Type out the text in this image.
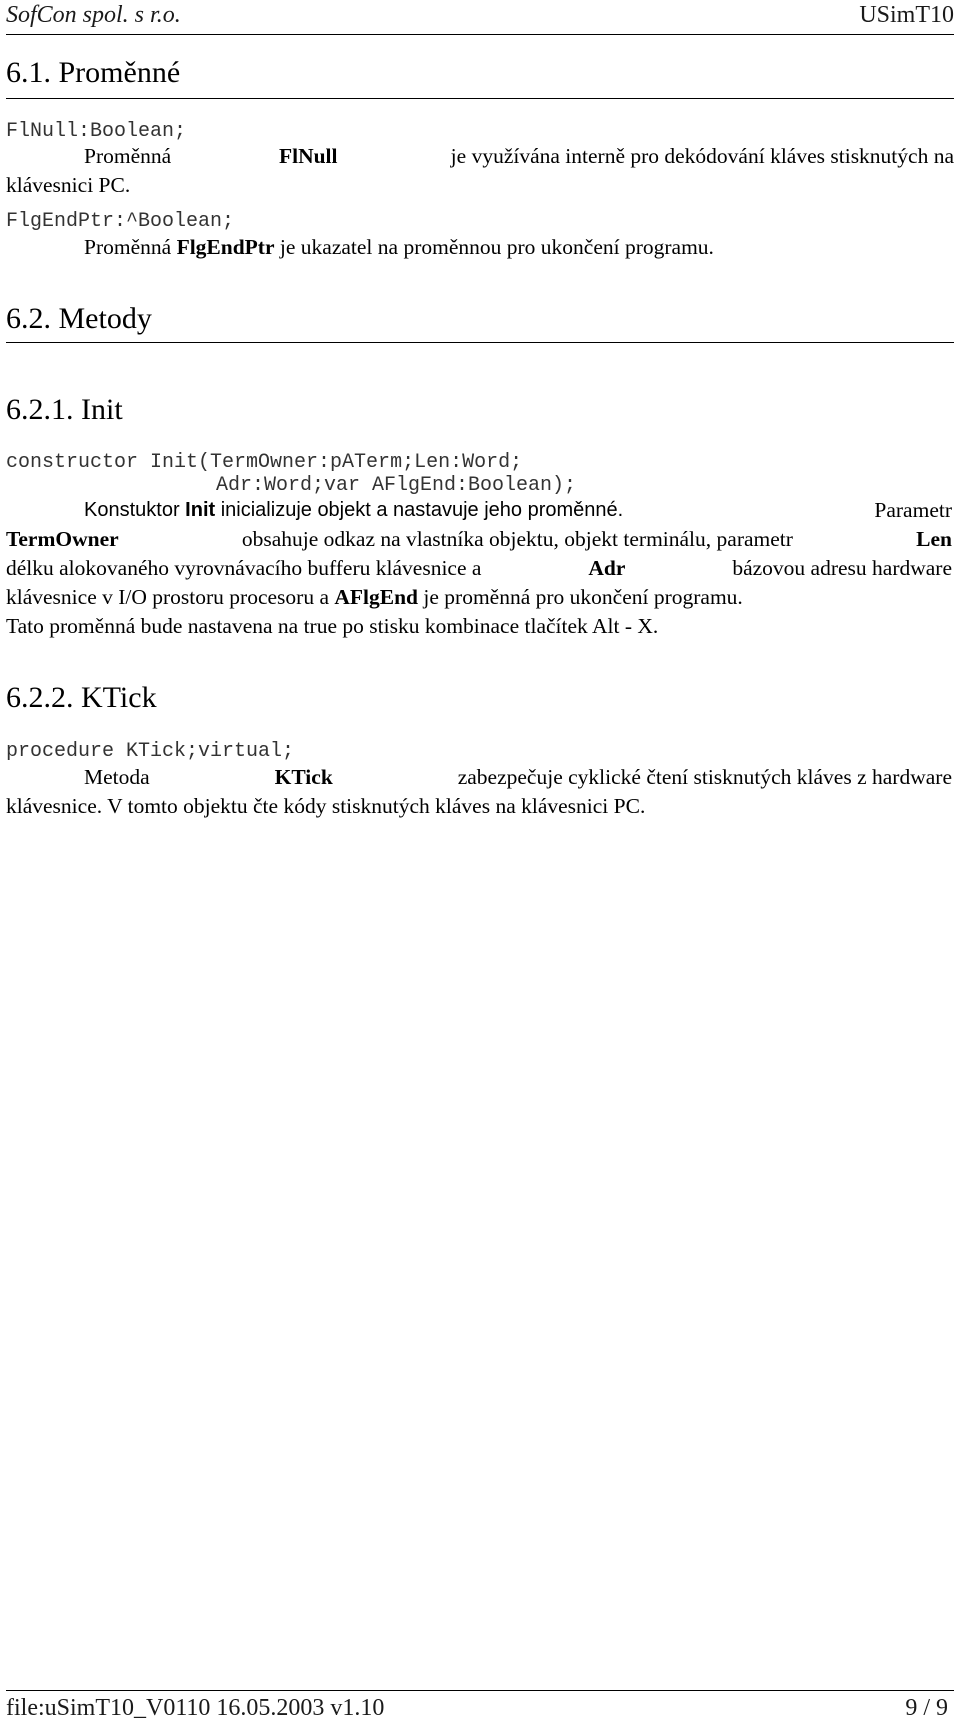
SofCon spol. s r.o.	USimT10
6.1. Proměnné
FlNull:Boolean;
Proměnná	FlNull	je využívána interně pro dekódování kláves stisknutých na
klávesnici PC.
FlgEndPtr:^Boolean;
Proměnná FlgEndPtr je ukazatel na proměnnou pro ukončení programu.
6.2. Metody
6.2.1. Init
constructor Init(TermOwner:pATerm;Len:Word;
Adr:Word;var AFlgEnd:Boolean);
Konstuktor Init inicializuje objekt a nastavuje jeho proměnné.	Parametr
TermOwner	obsahuje odkaz na vlastníka objektu, objekt terminálu, parametr	Len
délku alokovaného vyrovnávacího bufferu klávesnice a	Adr	bázovou adresu hardware
klávesnice v I/O prostoru procesoru a AFlgEnd je proměnná pro ukončení programu.
Tato proměnná bude nastavena na true po stisku kombinace tlačítek Alt - X.
6.2.2. KTick
procedure KTick;virtual;
Metoda	KTick	zabezpečuje cyklické čtení stisknutých kláves z hardware
klávesnice. V tomto objektu čte kódy stisknutých kláves na klávesnici PC.
file:uSimT10_V0110 16.05.2003 v1.10	9 / 9
